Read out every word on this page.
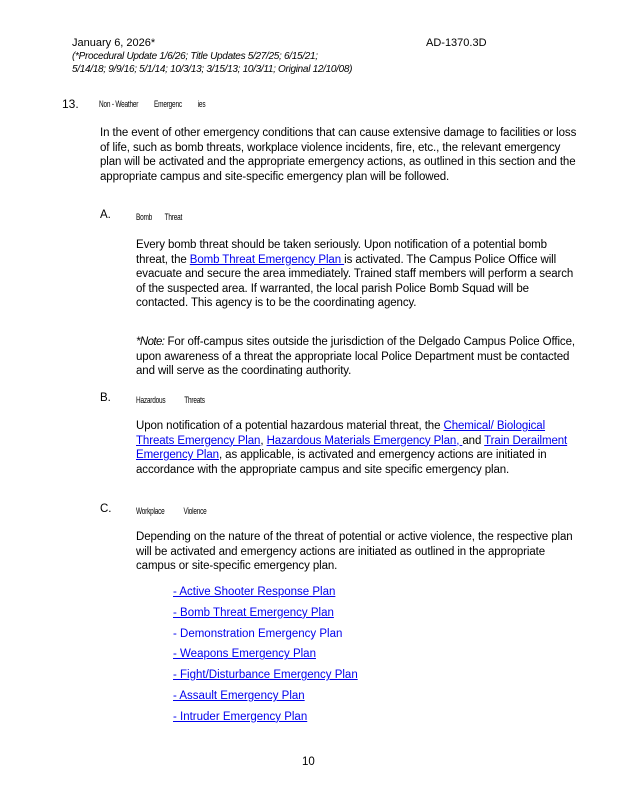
January 6, 2026*
(*Procedural Update 1/6/26; Title Updates 5/27/25; 6/15/21;
5/14/18; 9/9/16; 5/1/14; 10/3/13; 3/15/13; 10/3/11; Original 12/10/08)
AD-1370.3D
13. Non - Weather          Emergenc          ies
In the event of other emergency conditions that can cause extensive damage to facilities or loss of life, such as bomb threats, workplace violence incidents, fire, etc., the relevant emergency plan will be activated and the appropriate emergency actions, as outlined in this section and the appropriate campus and site-specific emergency plan will be followed.
A.	Bomb        Threat
Every bomb threat should be taken seriously. Upon notification of a potential bomb threat, the Bomb Threat Emergency Plan is activated. The Campus Police Office will evacuate and secure the area immediately. Trained staff members will perform a search of the suspected area. If warranted, the local parish Police Bomb Squad will be contacted. This agency is to be the coordinating agency.
*Note: For off-campus sites outside the jurisdiction of the Delgado Campus Police Office, upon awareness of a threat the appropriate local Police Department must be contacted and will serve as the coordinating authority.
B.	Hazardous            Threats
Upon notification of a potential hazardous material threat, the Chemical/ Biological Threats Emergency Plan, Hazardous Materials Emergency Plan, and Train Derailment Emergency Plan, as applicable, is activated and emergency actions are initiated in accordance with the appropriate campus and site specific emergency plan.
C.	Workplace            Violence
Depending on the nature of the threat of potential or active violence, the respective plan will be activated and emergency actions are initiated as outlined in the appropriate campus or site-specific emergency plan.
- Active Shooter Response Plan
- Bomb Threat Emergency Plan
- Demonstration Emergency Plan
- Weapons Emergency Plan
- Fight/Disturbance Emergency Plan
- Assault Emergency Plan
- Intruder Emergency Plan
10
